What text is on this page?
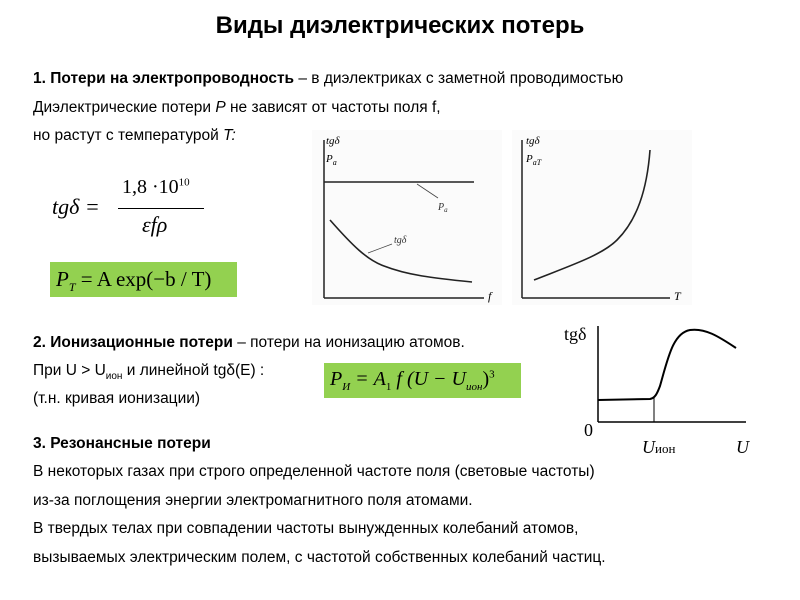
Виды диэлектрических потерь
1. Потери на электропроводность – в диэлектриках с заметной проводимостью
Диэлектрические потери P не зависят от частоты поля f,
но растут с температурой T:
tgδ =
$1,8 \cdot 10^{10}$
εfρ
$P_T = A$ exp(−b / T)
tgδ
$P_a$
$P_a$
tgδ
f
tgδ
$P_{aT}$
T
2. Ионизационные потери – потери на ионизацию атомов.
При $U > U_{ион}$ и линейной tgδ(E) :
(т.н. кривая ионизации)
$P_И = A_1$ f $(U - U_{ион})^3$
tgδ
0
Uион	U
3. Резонансные потери
В некоторых газах при строго определенной частоте поля (световые частоты)
из-за поглощения энергии электромагнитного поля атомами.
В твердых телах при совпадении частоты вынужденных колебаний атомов,
вызываемых электрическим полем, с частотой собственных колебаний частиц.
